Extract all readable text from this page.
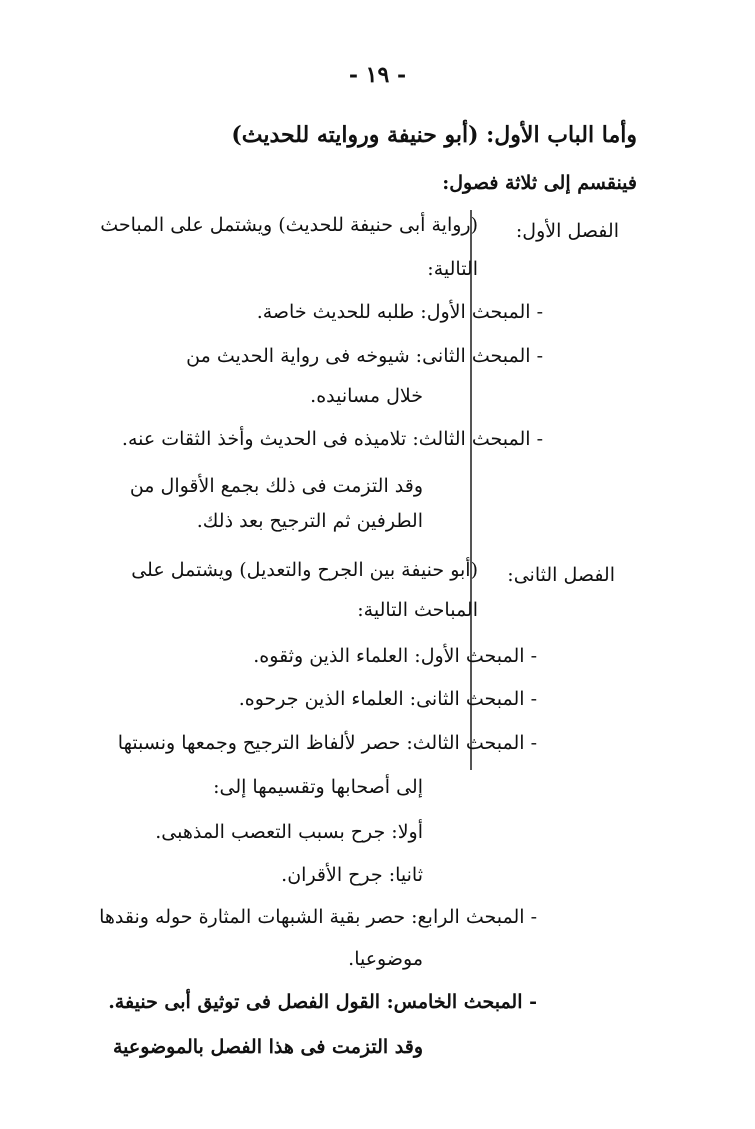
- ١٩ -
وأما الباب الأول: (أبو حنيفة وروايته للحديث)
فينقسم إلى ثلاثة فصول:
الفصل الأول:
(رواية أبى حنيفة للحديث) ويشتمل على المباحث
التالية:
- المبحث الأول: طلبه للحديث خاصة.
- المبحث الثانى: شيوخه فى رواية الحديث من
خلال مسانيده.
- المبحث الثالث: تلاميذه فى الحديث وأخذ الثقات عنه.
وقد التزمت فى ذلك بجمع الأقوال من
الطرفين ثم الترجيح بعد ذلك.
الفصل الثانى:
(أبو حنيفة بين الجرح والتعديل) ويشتمل على
المباحث التالية:
- المبحث الأول: العلماء الذين وثقوه.
- المبحث الثانى: العلماء الذين جرحوه.
- المبحث الثالث: حصر لألفاظ الترجيح وجمعها ونسبتها
إلى أصحابها وتقسيمها إلى:
أولا: جرح بسبب التعصب المذهبى.
ثانيا: جرح الأقران.
- المبحث الرابع: حصر بقية الشبهات المثارة حوله ونقدها
موضوعيا.
- المبحث الخامس: القول الفصل فى توثيق أبى حنيفة.
وقد التزمت فى هذا الفصل بالموضوعية
